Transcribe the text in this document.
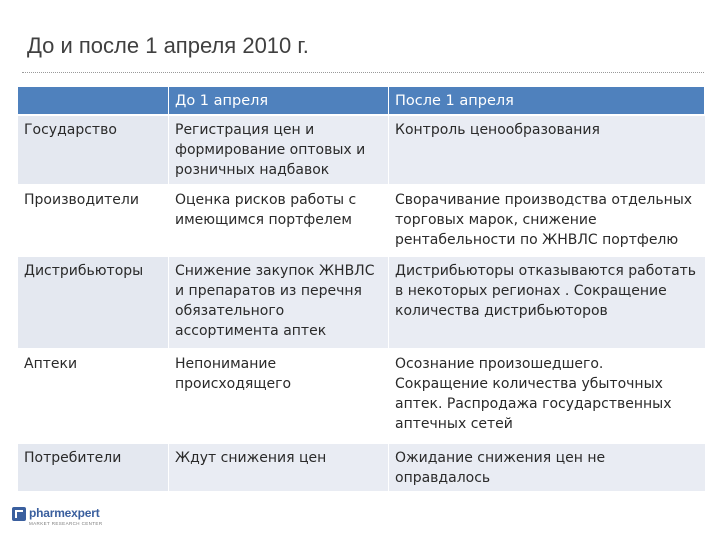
До и после 1 апреля 2010 г.
	До 1 апреля	После 1 апреля
Государство	Регистрация цен и формирование оптовых и розничных надбавок	Контроль ценообразования
Производители	Оценка рисков работы с имеющимся портфелем	Сворачивание производства отдельных торговых марок, снижение рентабельности по ЖНВЛС портфелю
Дистрибьюторы	Снижение закупок ЖНВЛС и препаратов из перечня обязательного ассортимента аптек	Дистрибьюторы отказываются работать в некоторых регионах . Сокращение количества дистрибьюторов
Аптеки	Непонимание происходящего	Осознание произошедшего. Сокращение количества убыточных аптек. Распродажа государственных аптечных сетей
Потребители	Ждут снижения цен	Ожидание снижения цен не оправдалось
pharmexpert
MARKET RESEARCH CENTER
